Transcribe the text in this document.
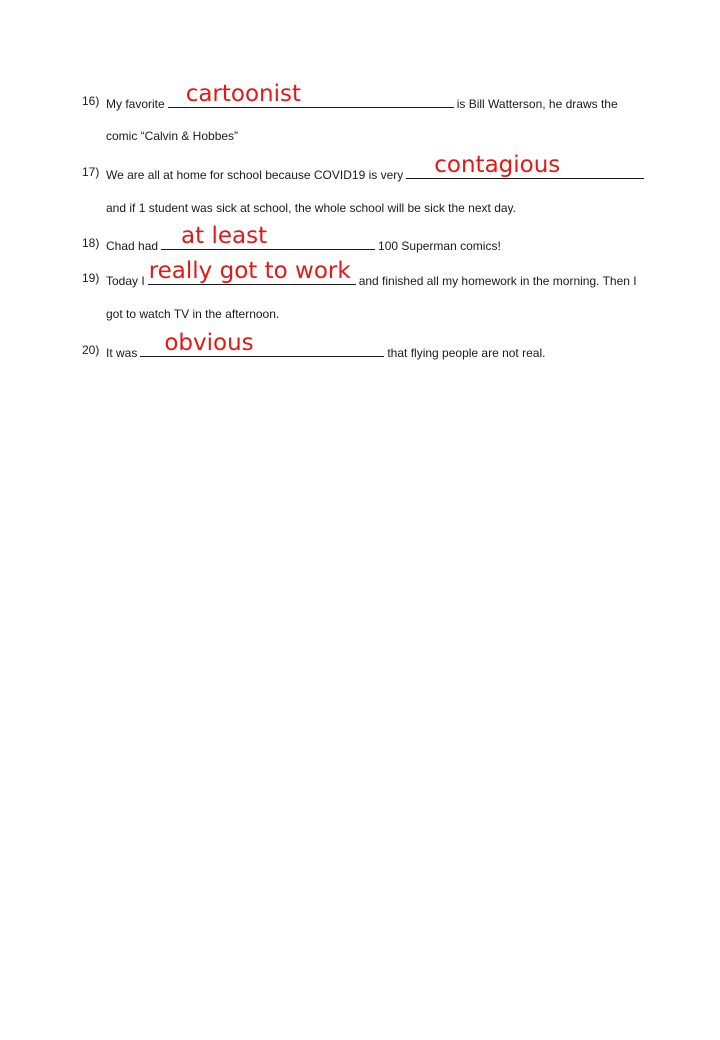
16) My favorite cartoonist	is Bill Watterson, he draws the
comic “Calvin & Hobbes”
17) We are all at home for school because COVID19 is very contagious
and if 1 student was sick at school, the whole school will be sick the next day.
18) Chad had at least	100 Superman comics!
19) Today I really got to work and finished all my homework in the morning. Then I
got to watch TV in the afternoon.
20) It was obvious	that flying people are not real.
